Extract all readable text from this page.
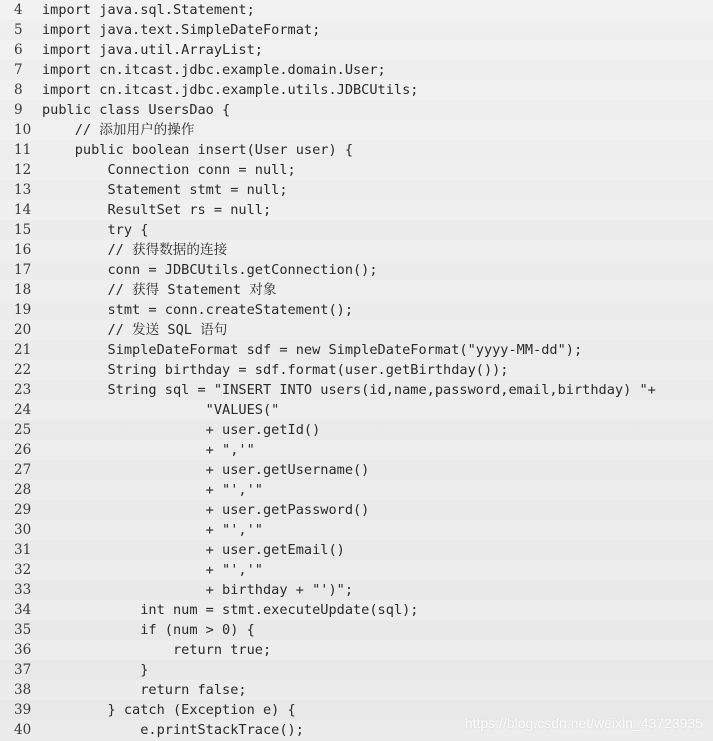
4	import java.sql.Statement;
5	import java.text.SimpleDateFormat;
6	import java.util.ArrayList;
7	import cn.itcast.jdbc.example.domain.User;
8	import cn.itcast.jdbc.example.utils.JDBCUtils;
9	public class UsersDao {
10 // 添加用户的操作
11 public boolean insert(User user) {
12 Connection conn = null;
13 Statement stmt = null;
14 ResultSet rs = null;
15 try {
16 // 获得数据的连接
17 conn = JDBCUtils.getConnection();
18 // 获得 Statement 对象
19 stmt = conn.createStatement();
20 // 发送 SQL 语句
21 SimpleDateFormat sdf = new SimpleDateFormat("yyyy-MM-dd");
22 String birthday = sdf.format(user.getBirthday());
23 String sql = "INSERT INTO users(id,name,password,email,birthday) "+
24 "VALUES("
25 + user.getId()
26 + ",'"
27 + user.getUsername()
28 + "','"
29 + user.getPassword()
30 + "','"
31 + user.getEmail()
32 + "','"
33 + birthday + "')";
34 int num = stmt.executeUpdate(sql);
35 if (num > 0) {
36 return true;
37 }
38 return false;
39 } catch (Exception e) {
40 e.printStackTrace();	https://blog.csdn.net/weixin_43723935
